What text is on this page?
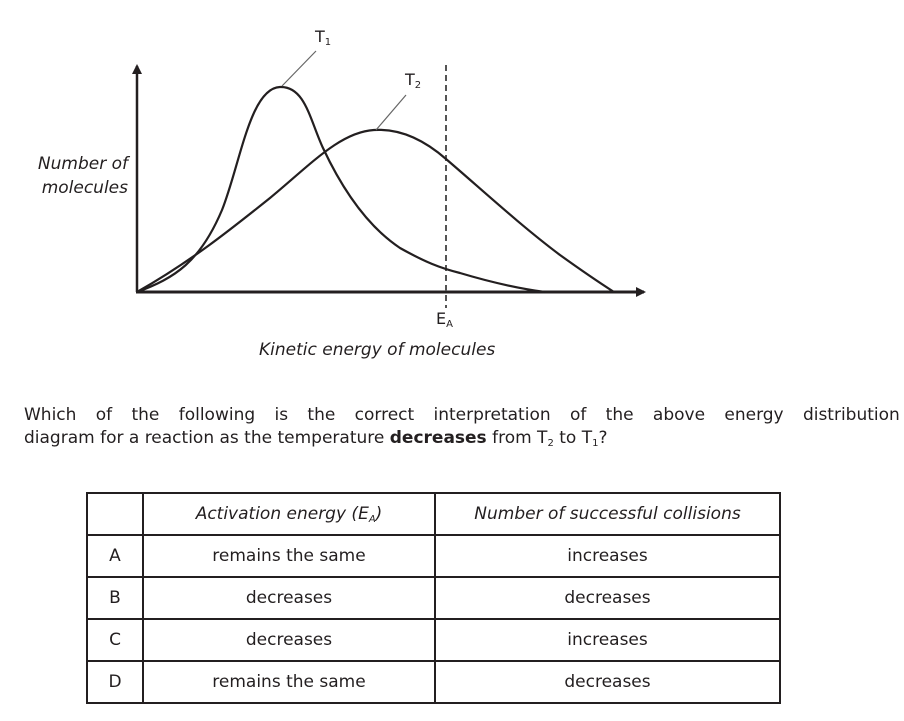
$T_1$
$T_2$
$E_A$
Number of
molecules
Kinetic energy of molecules
Which of the following is the correct interpretation of the above energy distribution
diagram for a reaction as the temperature decreases from $T_2$ to $T_1$?
	Activation energy $(E_A)$	Number of successful collisions
A	remains the same	increases
B	decreases	decreases
C	decreases	increases
D	remains the same	decreases
